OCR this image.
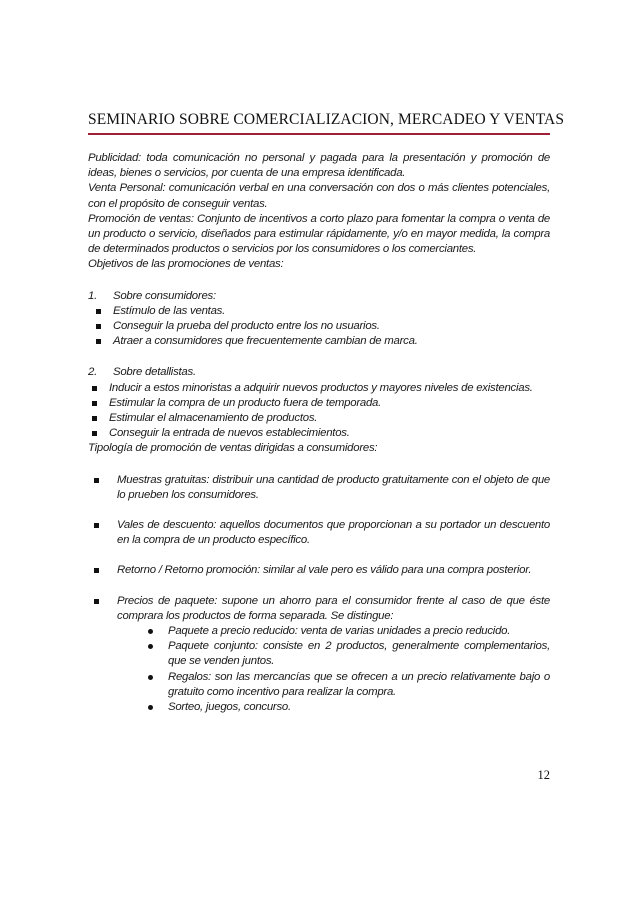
SEMINARIO SOBRE COMERCIALIZACION, MERCADEO Y VENTAS

Publicidad: toda comunicación no personal y pagada para la presentación y promoción de ideas, bienes o servicios, por cuenta de una empresa identificada.

Venta Personal: comunicación verbal en una conversación con dos o más clientes potenciales, con el propósito de conseguir ventas.

Promoción de ventas: Conjunto de incentivos a corto plazo para fomentar la compra o venta de un producto o servicio, diseñados para estimular rápidamente, y/o en mayor medida, la compra de determinados productos o servicios por los consumidores o los comerciantes.

Objetivos de las promociones de ventas:

1.	Sobre consumidores:
Estímulo de las ventas.
Conseguir la prueba del producto entre los no usuarios.
Atraer a consumidores que frecuentemente cambian de marca.
2.	Sobre detallistas.
Inducir a estos minoristas a adquirir nuevos productos y mayores niveles de existencias.
Estimular la compra de un producto fuera de temporada.
Estimular el almacenamiento de productos.
Conseguir la entrada de nuevos establecimientos.

Tipología de promoción de ventas dirigidas a consumidores:

Muestras gratuitas: distribuir una cantidad de producto gratuitamente con el objeto de que lo prueben los consumidores.
Vales de descuento: aquellos documentos que proporcionan a su portador un descuento en la compra de un producto específico.
Retorno / Retorno promoción: similar al vale pero es válido para una compra posterior.
Precios de paquete: supone un ahorro para el consumidor frente al caso de que éste comprara los productos de forma separada. Se distingue:
Paquete a precio reducido: venta de varias unidades a precio reducido.
Paquete conjunto: consiste en 2 productos, generalmente complementarios, que se venden juntos.
Regalos: son las mercancías que se ofrecen a un precio relativamente bajo o gratuito como incentivo para realizar la compra.
Sorteo, juegos, concurso.
12
